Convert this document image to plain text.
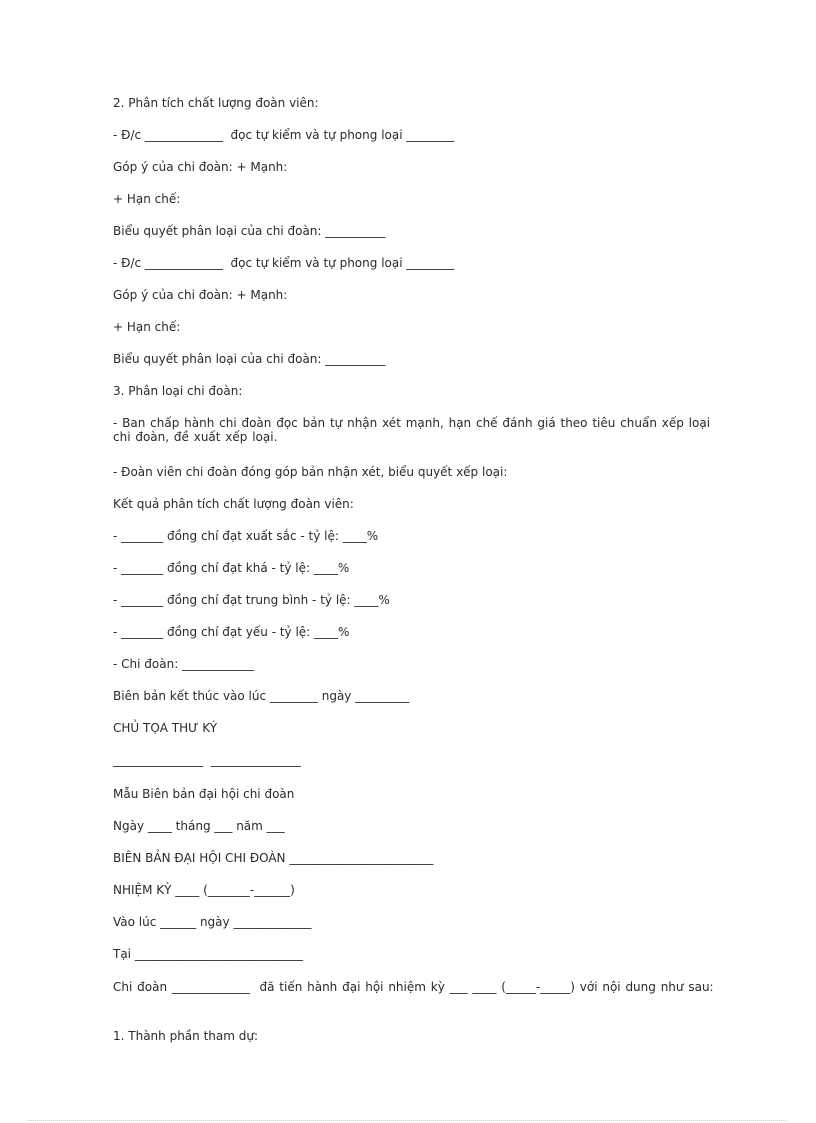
2. Phân tích chất lượng đoàn viên:
- Đ/c _____________  đọc tự kiểm và tự phong loại ________
Góp ý của chi đoàn: + Mạnh:
+ Hạn chế:
Biểu quyết phân loại của chi đoàn: __________
- Đ/c _____________  đọc tự kiểm và tự phong loại ________
Góp ý của chi đoàn: + Mạnh:
+ Hạn chế:
Biểu quyết phân loại của chi đoàn: __________
3. Phân loại chi đoàn:
- Ban chấp hành chi đoàn đọc bản tự nhận xét mạnh, hạn chế đánh giá theo tiêu chuẩn xếp loại chi đoàn, đề xuất xếp loại.
- Đoàn viên chi đoàn đóng góp bản nhận xét, biểu quyết xếp loại:
Kết quả phân tích chất lượng đoàn viên:
- _______ đồng chí đạt xuất sắc - tỷ lệ: ____%
- _______ đồng chí đạt khá - tỷ lệ: ____%
- _______ đồng chí đạt trung bình - tỷ lệ: ____%
- _______ đồng chí đạt yếu - tỷ lệ: ____%
- Chi đoàn: ____________
Biên bản kết thúc vào lúc ________ ngày _________
CHỦ TỌA THƯ KÝ
_______________  _______________
Mẫu Biên bản đại hội chi đoàn
Ngày ____ tháng ___ năm ___
BIÊN BẢN ĐẠI HỘI CHI ĐOÀN ________________________
NHIỆM KỲ ____ (_______-______)
Vào lúc ______ ngày _____________
Tại ____________________________
Chi đoàn _____________  đã tiến hành đại hội nhiệm kỳ ___ ____ (_____-_____) với nội dung như sau:
1. Thành phần tham dự:
